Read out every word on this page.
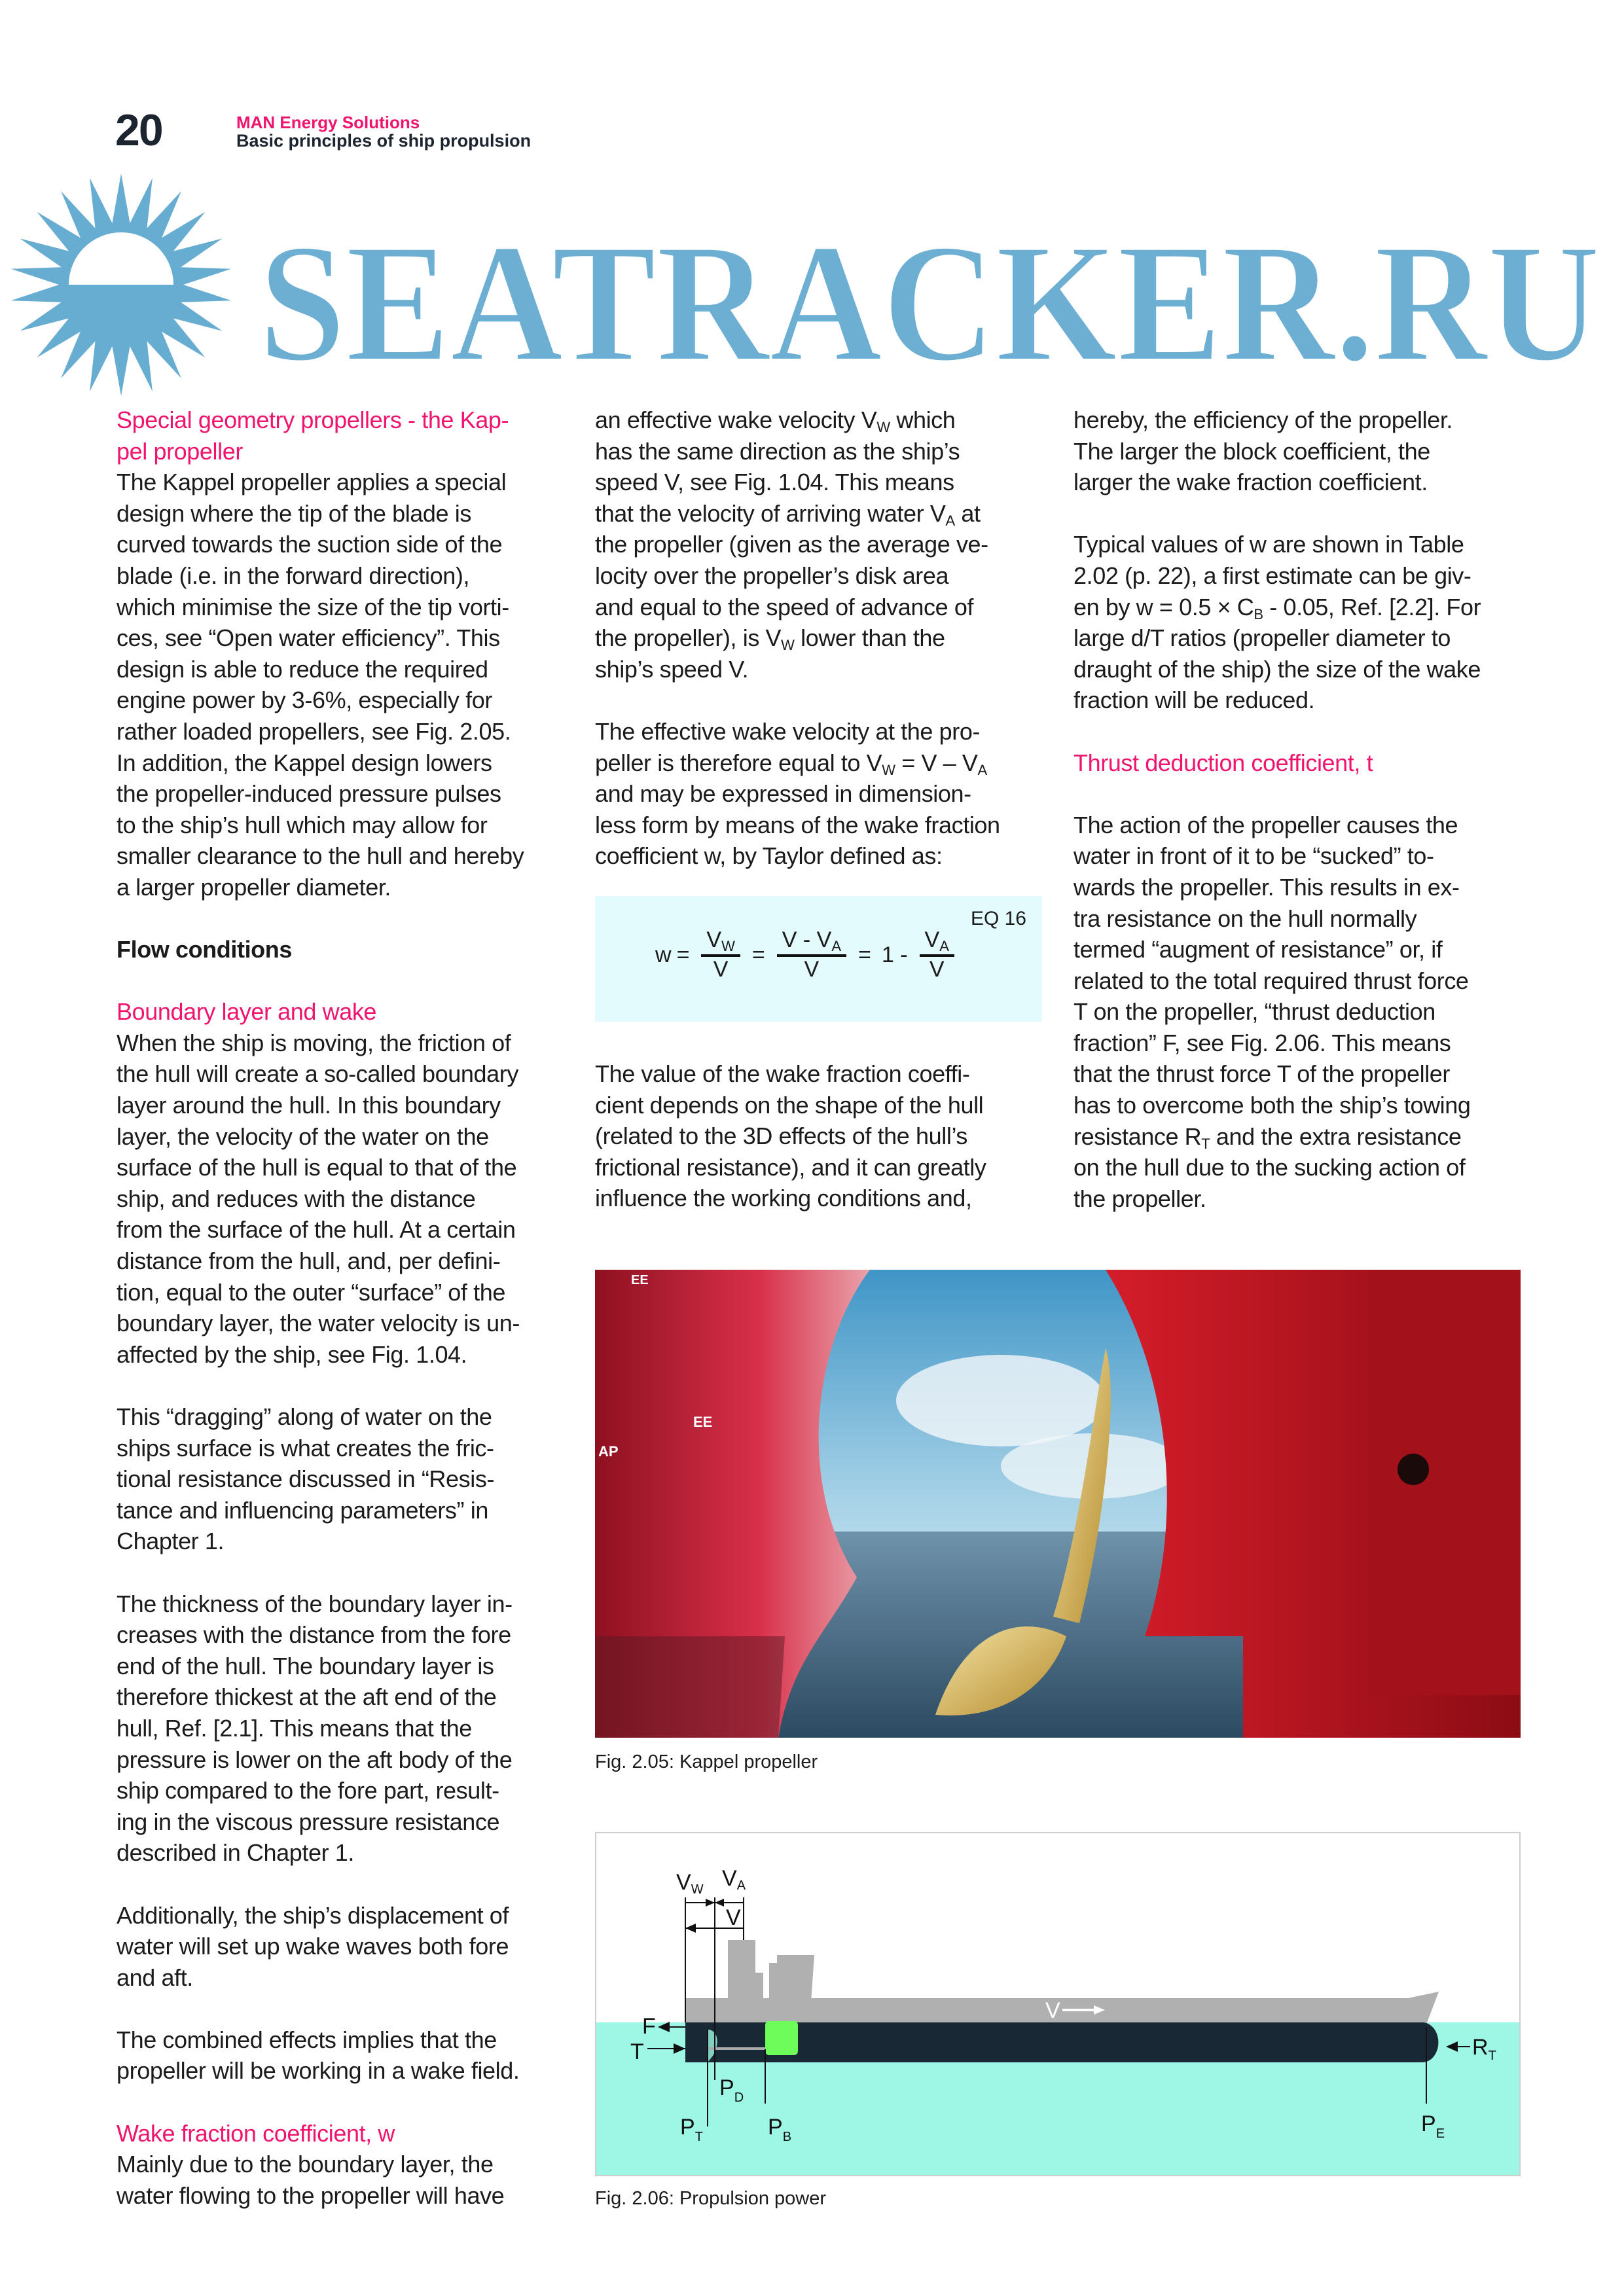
20	MAN Energy Solutions
Basic principles of ship propulsion
SEATRACKER.RU
Special geometry propellers - the Kap-
pel propeller
The Kappel propeller applies a special
design where the tip of the blade is
curved towards the suction side of the
blade (i.e. in the forward direction),
which minimise the size of the tip vorti-
ces, see “Open water efficiency”. This
design is able to reduce the required
engine power by 3-6%, especially for
rather loaded propellers, see Fig. 2.05.
In addition, the Kappel design lowers
the propeller-induced pressure pulses
to the ship’s hull which may allow for
smaller clearance to the hull and hereby
a larger propeller diameter.
Flow conditions
Boundary layer and wake
When the ship is moving, the friction of
the hull will create a so-called boundary
layer around the hull. In this boundary
layer, the velocity of the water on the
surface of the hull is equal to that of the
ship, and reduces with the distance
from the surface of the hull. At a certain
distance from the hull, and, per defini-
tion, equal to the outer “surface” of the
boundary layer, the water velocity is un-
affected by the ship, see Fig. 1.04.
This “dragging” along of water on the
ships surface is what creates the fric-
tional resistance discussed in “Resis-
tance and influencing parameters” in
Chapter 1.
The thickness of the boundary layer in-
creases with the distance from the fore
end of the hull. The boundary layer is
therefore thickest at the aft end of the
hull, Ref. [2.1]. This means that the
pressure is lower on the aft body of the
ship compared to the fore part, result-
ing in the viscous pressure resistance
described in Chapter 1.
Additionally, the ship’s displacement of
water will set up wake waves both fore
and aft.
The combined effects implies that the
propeller will be working in a wake field.
Wake fraction coefficient, w
Mainly due to the boundary layer, the
water flowing to the propeller will have
an effective wake velocity $V_W$ which
has the same direction as the ship’s
speed V, see Fig. 1.04. This means
that the velocity of arriving water $V_A$ at
the propeller (given as the average ve-
locity over the propeller’s disk area
and equal to the speed of advance of
the propeller), is $V_W$ lower than the
ship’s speed V.
The effective wake velocity at the pro-
peller is therefore equal to $V_W = V - V_A$
and may be expressed in dimension-
less form by means of the wake fraction
coefficient w, by Taylor defined as:
hereby, the efficiency of the propeller.
The larger the block coefficient, the
larger the wake fraction coefficient.
Typical values of w are shown in Table
2.02 (p. 22), a first estimate can be giv-
en by $w = 0.5 \times C_B - 0.05$, Ref. [2.2]. For
large d/T ratios (propeller diameter to
draught of the ship) the size of the wake
fraction will be reduced.
Thrust deduction coefficient, t
The action of the propeller causes the
water in front of it to be “sucked” to-
wards the propeller. This results in ex-
tra resistance on the hull normally
termed “augment of resistance” or, if
related to the total required thrust force
T on the propeller, “thrust deduction
fraction” F, see Fig. 2.06. This means
that the thrust force T of the propeller
has to overcome both the ship’s towing
resistance $R_T$ and the extra resistance
on the hull due to the sucking action of
the propeller.
The value of the wake fraction coeffi-
cient depends on the shape of the hull
(related to the 3D effects of the hull’s
frictional resistance), and it can greatly
influence the working conditions and,
EQ 16
$w = \frac{V_W}{V} = \frac{V - V_A}{V} = 1 - \frac{V_A}{V}$
EE
AP
EE
Fig. 2.05: Kappel propeller
VW VA
V
V
F
T	$R_T$
$P_D$
$P_T$	$P_B$
$P_E$
Fig. 2.06: Propulsion power
